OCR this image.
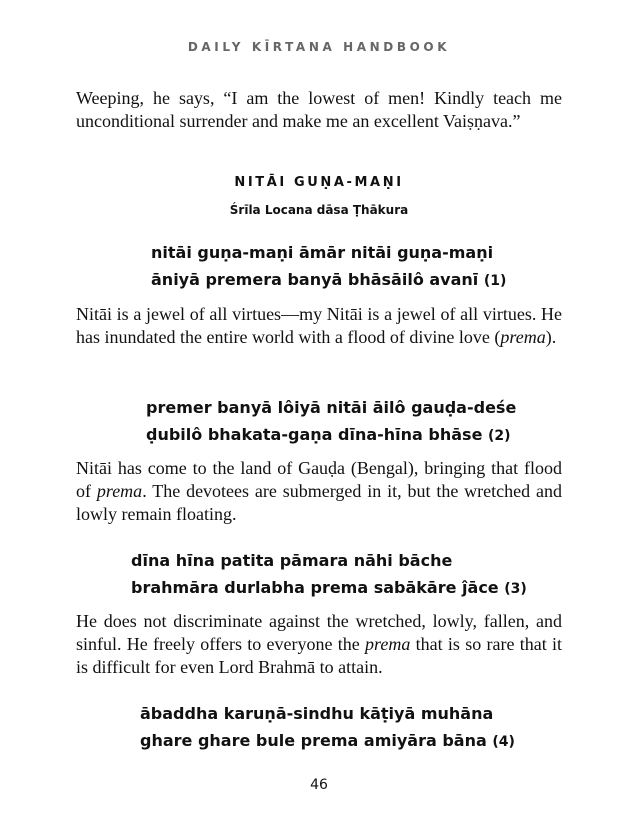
DAILY KĪRTANA HANDBOOK

Weeping, he says, “I am the lowest of men! Kindly teach me unconditional surrender and make me an excellent Vaiṣṇava.”

NITĀI GUṆA-MAṆI
Śrīla Locana dāsa Ṭhākura
nitāi guṇa-maṇi āmār nitāi guṇa-maṇi
āniyā premera banyā bhāsāilô avanī (1)

Nitāi is a jewel of all virtues—my Nitāi is a jewel of all virtues. He has inundated the entire world with a flood of divine love (prema).

premer banyā lôiyā nitāi āilô gauḍa-deśe
ḍubilô bhakata-gaṇa dīna-hīna bhāse (2)

Nitāi has come to the land of Gauḍa (Bengal), bringing that flood of prema. The devotees are submerged in it, but the wretched and lowly remain floating.

dīna hīna patita pāmara nāhi bāche
brahmāra durlabha prema sabākāre ĵāce (3)

He does not discriminate against the wretched, lowly, fallen, and sinful. He freely offers to everyone the prema that is so rare that it is difficult for even Lord Brahmā to attain.

ābaddha karuṇā-sindhu kāṭiyā muhāna
ghare ghare bule prema amiyāra bāna (4)
46
